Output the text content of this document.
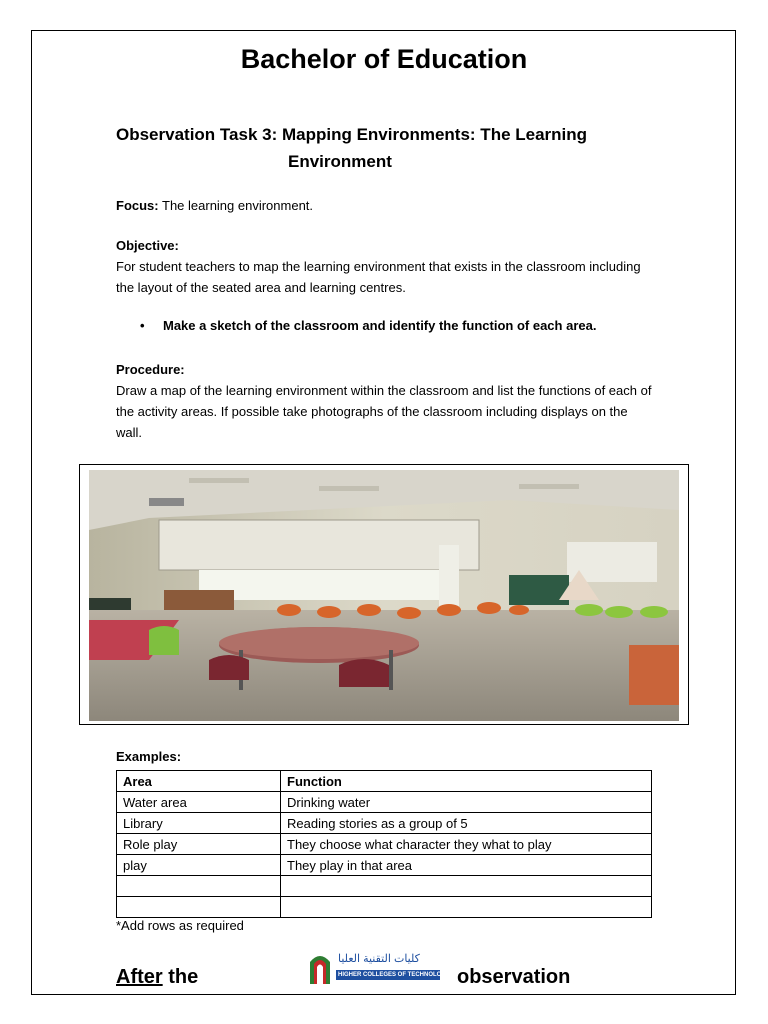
Bachelor of Education
Observation Task 3: Mapping Environments: The Learning
Environment
Focus: The learning environment.
Objective:
For student teachers to map the learning environment that exists in the classroom including the layout of the seated area and learning centres.
• Make a sketch of the classroom and identify the function of each area.
Procedure:
Draw a map of the learning environment within the classroom and list the functions of each of the activity areas. If possible take photographs of the classroom including displays on the wall.
Examples:
Area	Function
Water area	Drinking water
Library	Reading stories as a group of 5
Role play	They choose what character they what to play
play	They play in that area

*Add rows as required
After the
كليات التقنية العليا
HIGHER COLLEGES OF TECHNOLOGY observation
